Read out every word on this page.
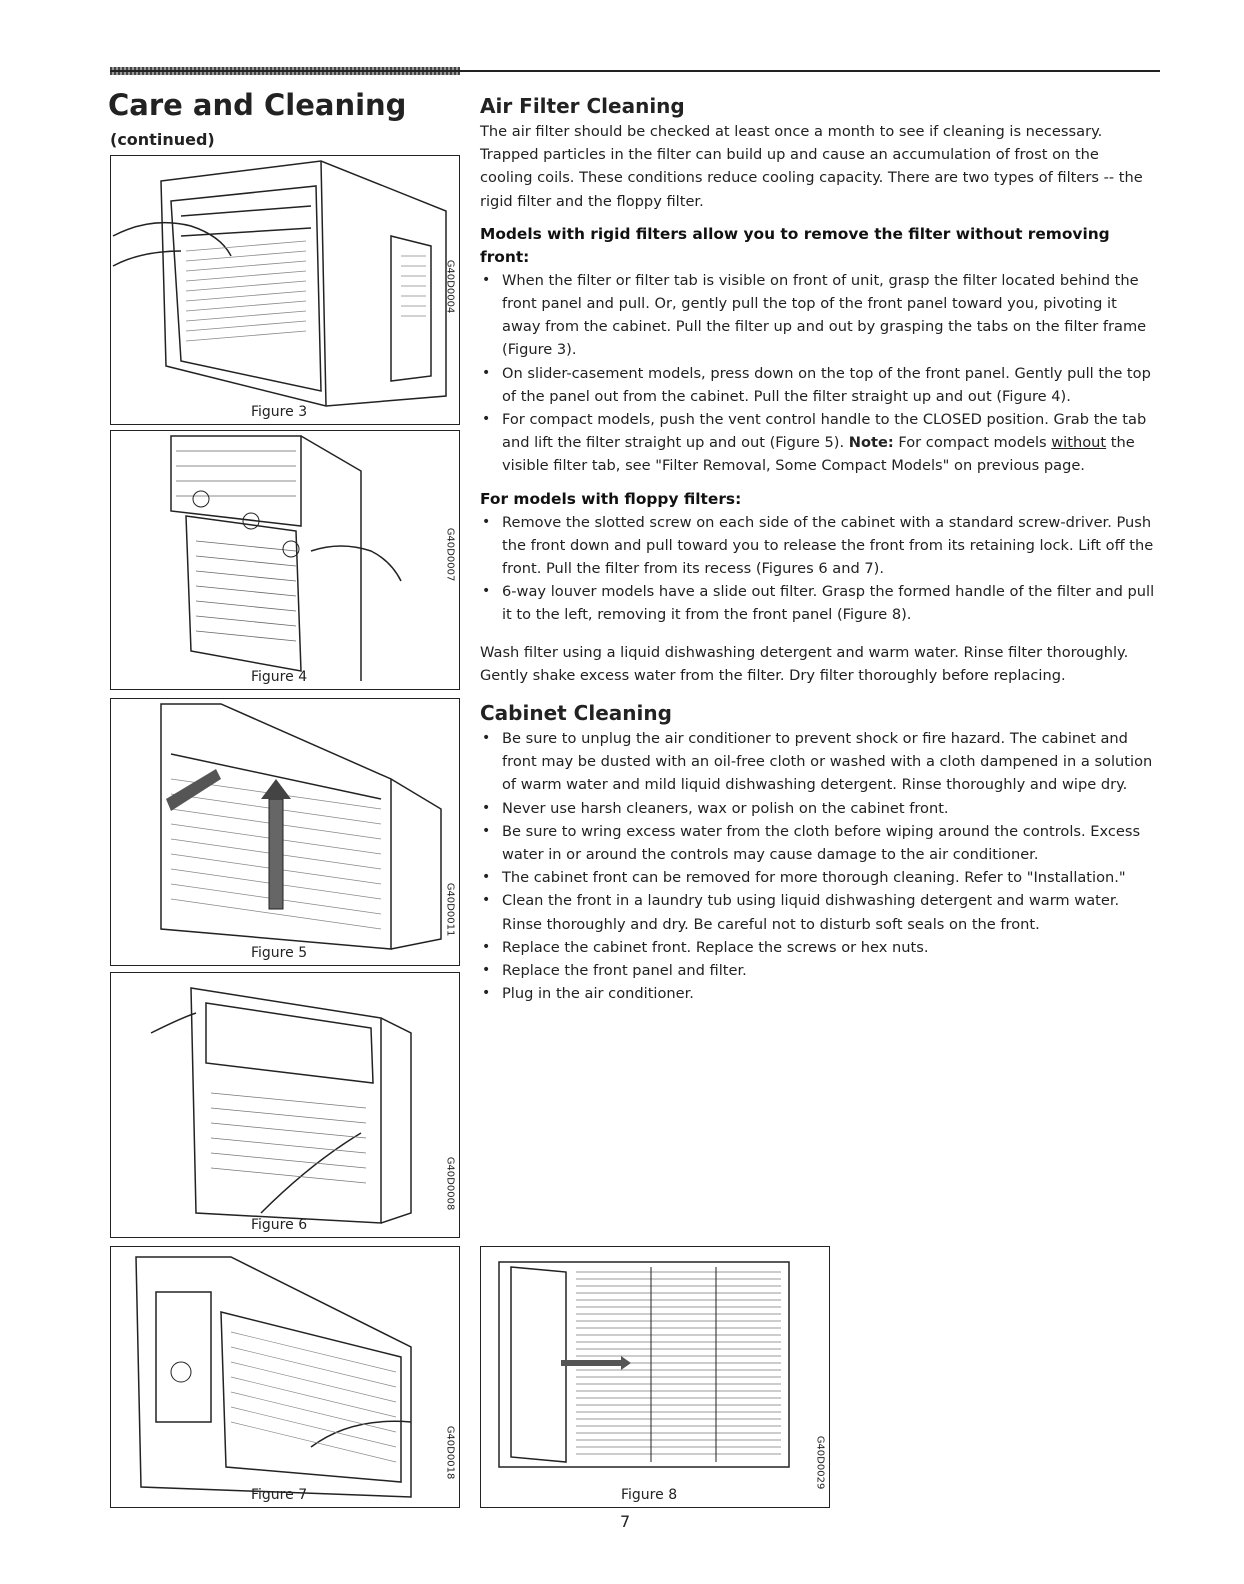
Care and Cleaning

(continued)

Figure 3
G40D0004
Figure 4
G40D0007
Figure 5
G40D0011
Figure 6
G40D0008
Figure 7
G40D0018
Air Filter Cleaning

The air filter should be checked at least once a month to see if cleaning is necessary. Trapped particles in the filter can build up and cause an accumulation of frost on the cooling coils. These conditions reduce cooling capacity. There are two types of filters -- the rigid filter and the floppy filter.

Models with rigid filters allow you to remove the filter without removing front:

• When the filter or filter tab is visible on front of unit, grasp the filter located behind the front panel and pull. Or, gently pull the top of the front panel toward you, pivoting it away from the cabinet. Pull the filter up and out by grasping the tabs on the filter frame (Figure 3).
• On slider-casement models, press down on the top of the front panel. Gently pull the top of the panel out from the cabinet. Pull the filter straight up and out (Figure 4).
• For compact models, push the vent control handle to the CLOSED position. Grab the tab and lift the filter straight up and out (Figure 5). Note: For compact models without the visible filter tab, see "Filter Removal, Some Compact Models" on previous page.

For models with floppy filters:

• Remove the slotted screw on each side of the cabinet with a standard screw-driver. Push the front down and pull toward you to release the front from its retaining lock. Lift off the front. Pull the filter from its recess (Figures 6 and 7).
• 6-way louver models have a slide out filter. Grasp the formed handle of the filter and pull it to the left, removing it from the front panel (Figure 8).

Wash filter using a liquid dishwashing detergent and warm water. Rinse filter thoroughly. Gently shake excess water from the filter. Dry filter thoroughly before replacing.

Cabinet Cleaning
• Be sure to unplug the air conditioner to prevent shock or fire hazard. The cabinet and front may be dusted with an oil-free cloth or washed with a cloth dampened in a solution of warm water and mild liquid dishwashing detergent. Rinse thoroughly and wipe dry.
• Never use harsh cleaners, wax or polish on the cabinet front.
• Be sure to wring excess water from the cloth before wiping around the controls. Excess water in or around the controls may cause damage to the air conditioner.
• The cabinet front can be removed for more thorough cleaning. Refer to "Installation."
• Clean the front in a laundry tub using liquid dishwashing detergent and warm water. Rinse thoroughly and dry. Be careful not to disturb soft seals on the front.
• Replace the cabinet front. Replace the screws or hex nuts.
• Replace the front panel and filter.
• Plug in the air conditioner.
Figure 8
G40D0029
7
